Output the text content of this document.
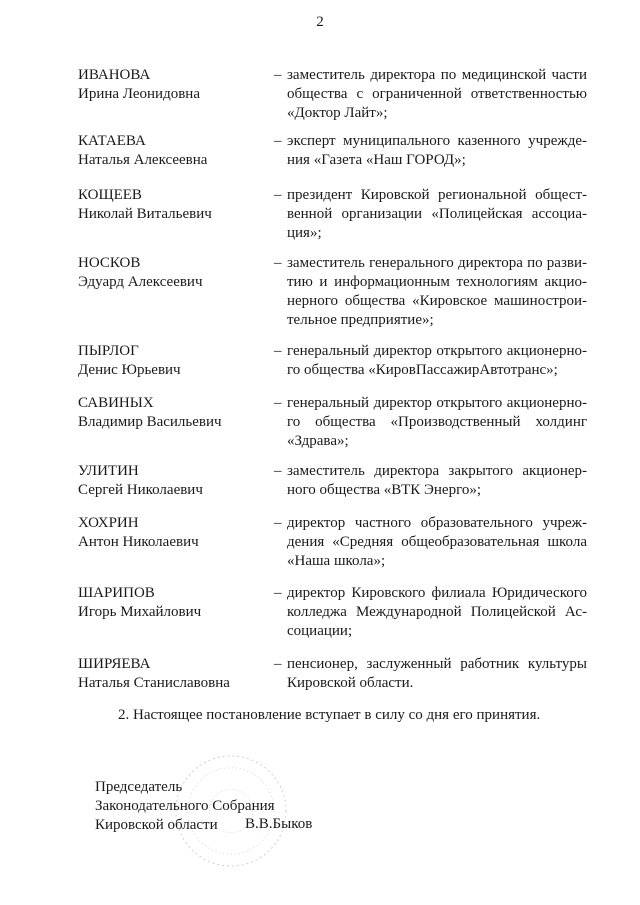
2
ИВАНОВА
Ирина Леонидовна
– заместитель директора по медицинской части
общества с ограниченной ответственностью
«Доктор Лайт»;
КАТАЕВА
Наталья Алексеевна
– эксперт муниципального казенного учрежде-
ния «Газета «Наш ГОРОД»;
КОЩЕЕВ
Николай Витальевич
– президент Кировской региональной общест-
венной организации «Полицейская ассоциа-
ция»;
НОСКОВ
Эдуард Алексеевич
– заместитель генерального директора по разви-
тию и информационным технологиям акцио-
нерного общества «Кировское машинострои-
тельное предприятие»;
ПЫРЛОГ
Денис Юрьевич
– генеральный директор открытого акционерно-
го общества «КировПассажирАвтотранс»;
САВИНЫХ
Владимир Васильевич
– генеральный директор открытого акционерно-
го общества «Производственный холдинг
«Здрава»;
УЛИТИН
Сергей Николаевич
– заместитель директора закрытого акционер-
ного общества «ВТК Энерго»;
ХОХРИН
Антон Николаевич
– директор частного образовательного учреж-
дения «Средняя общеобразовательная школа
«Наша школа»;
ШАРИПОВ
Игорь Михайлович
– директор Кировского филиала Юридического
колледжа Международной Полицейской Ас-
социации;
ШИРЯЕВА
Наталья Станиславовна
– пенсионер, заслуженный работник культуры
Кировской области.
2. Настоящее постановление вступает в силу со дня его принятия.
Председатель
Законодательного Собрания
Кировской области	В.В.Быков
